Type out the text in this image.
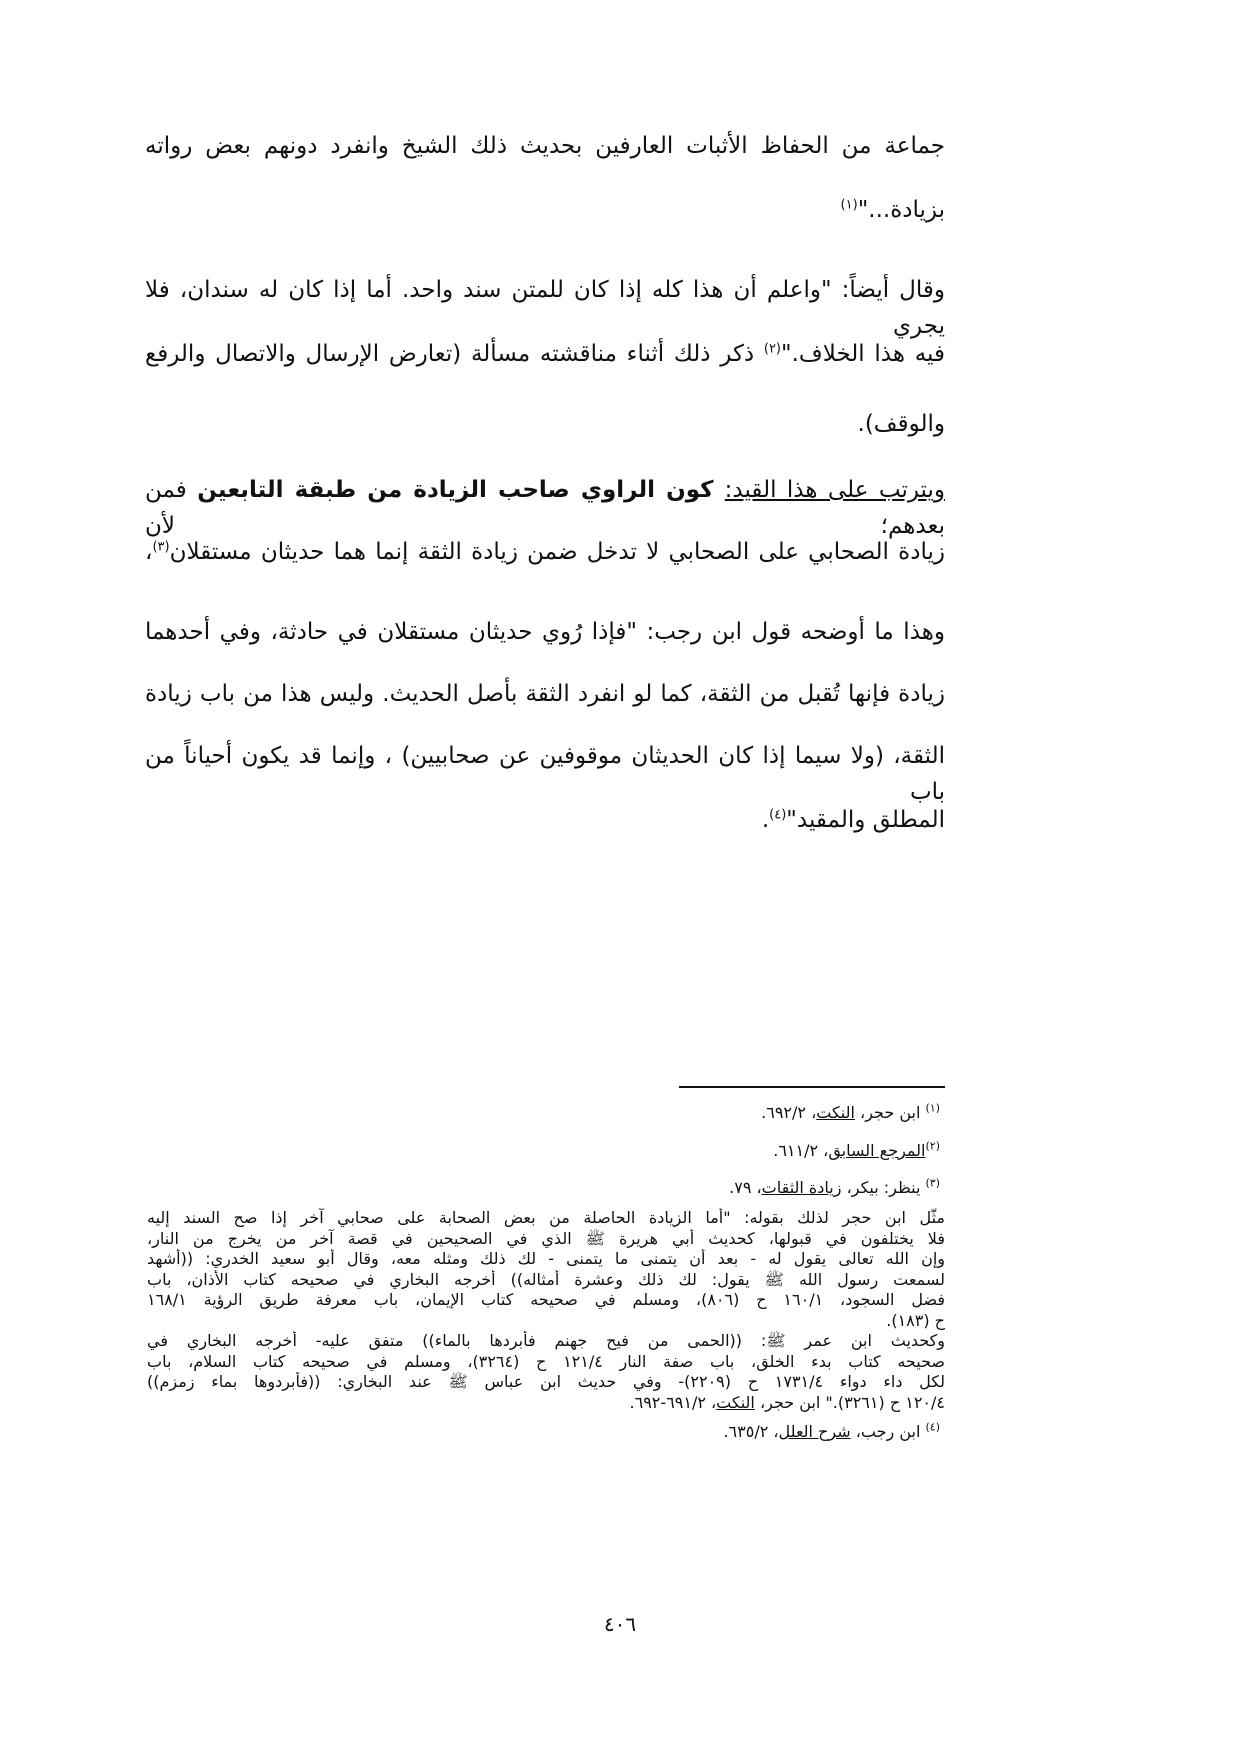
جماعة من الحفاظ الأثبات العارفين بحديث ذلك الشيخ وانفرد دونهم بعض رواته
بزيادة..."$^{(١)}$
وقال أيضاً: "واعلم أن هذا كله إذا كان للمتن سند واحد. أما إذا كان له سندان، فلا يجري
فيه هذا الخلاف."$^{(٢)}$ ذكر ذلك أثناء مناقشته مسألة (تعارض الإرسال والاتصال والرفع
والوقف).
ويترتب على هذا القيد: كون الراوي صاحب الزيادة من طبقة التابعين فمن بعدهم؛ لأن
زيادة الصحابي على الصحابي لا تدخل ضمن زيادة الثقة إنما هما حديثان مستقلان$^{(٣)}$،
وهذا ما أوضحه قول ابن رجب: "فإذا رُوي حديثان مستقلان في حادثة، وفي أحدهما
زيادة فإنها تُقبل من الثقة، كما لو انفرد الثقة بأصل الحديث. وليس هذا من باب زيادة
الثقة، (ولا سيما إذا كان الحديثان موقوفين عن صحابيين) ، وإنما قد يكون أحياناً من باب
المطلق والمقيد"$^{(٤)}$.
$^{(١)}$ ابن حجر، النكت، ٦٩٢/٢.
$^{(٢)}$المرجع السابق، ٦١١/٢.
$^{(٣)}$ ينظر: بيكر، زيادة الثقات، ٧٩.
مثّل ابن حجر لذلك بقوله: "أما الزيادة الحاصلة من بعض الصحابة على صحابي آخر إذا صح السند إليه
فلا يختلفون في قبولها، كحديث أبي هريرة ﷺ الذي في الصحيحين في قصة آخر من يخرج من النار،
وإن الله تعالى يقول له - بعد أن يتمنى ما يتمنى - لك ذلك ومثله معه، وقال أبو سعيد الخدري: ((أشهد
لسمعت رسول الله ﷺ يقول: لك ذلك وعشرة أمثاله)) أخرجه البخاري في صحيحه كتاب الأذان، باب
فضل السجود، ١٦٠/١ ح (٨٠٦)، ومسلم في صحيحه كتاب الإيمان، باب معرفة طريق الرؤية ١٦٨/١
ح (١٨٣).
وكحديث ابن عمر ﷺ: ((الحمى من فيح جهنم فأبردها بالماء)) متفق عليه- أخرجه البخاري في
صحيحه كتاب بدء الخلق، باب صفة النار ١٢١/٤ ح (٣٢٦٤)، ومسلم في صحيحه كتاب السلام، باب
لكل داء دواء ١٧٣١/٤ ح (٢٢٠٩)- وفي حديث ابن عباس ﷺ عند البخاري: ((فأبردوها بماء زمزم))
١٢٠/٤ ح (٣٢٦١)." ابن حجر، النكت، ٦٩١/٢-٦٩٢.
$^{(٤)}$ ابن رجب، شرح العلل، ٦٣٥/٢.
٤٠٦
